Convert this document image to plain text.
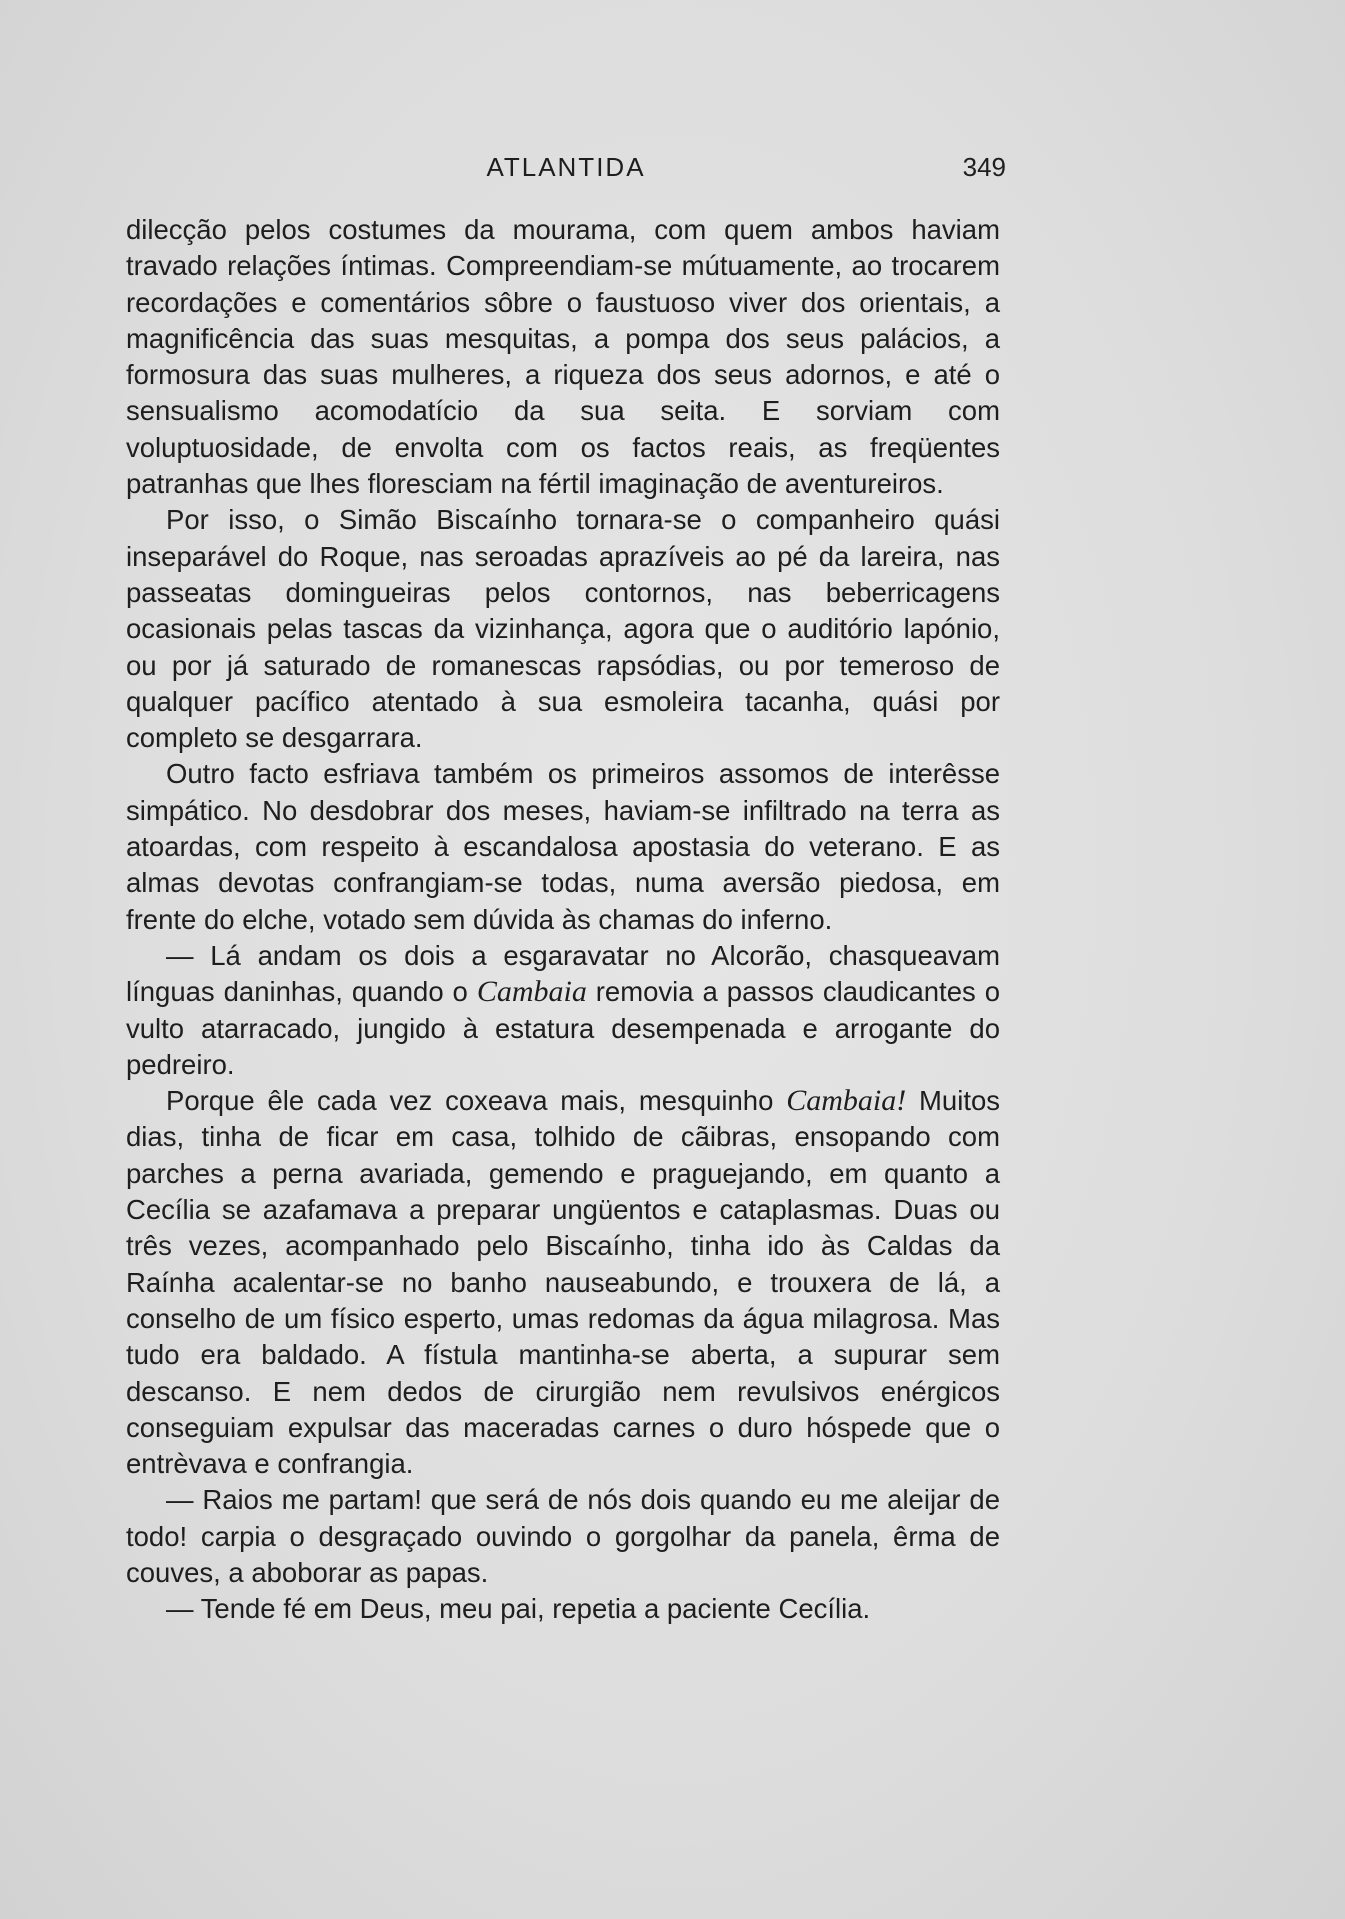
ATLANTIDA	349

dilecção pelos costumes da mourama, com quem ambos haviam travado relações íntimas. Compreendiam-se mútuamente, ao trocarem recordações e comentários sôbre o faustuoso viver dos orientais, a magnificência das suas mesquitas, a pompa dos seus palácios, a formosura das suas mulheres, a riqueza dos seus adornos, e até o sensualismo acomodatício da sua seita. E sorviam com voluptuosidade, de envolta com os factos reais, as freqüentes patranhas que lhes floresciam na fértil imaginação de aventureiros.

Por isso, o Simão Biscaínho tornara-se o companheiro quási inseparável do Roque, nas seroadas aprazíveis ao pé da lareira, nas passeatas domingueiras pelos contornos, nas beberricagens ocasionais pelas tascas da vizinhança, agora que o auditório lapónio, ou por já saturado de romanescas rapsódias, ou por temeroso de qualquer pacífico atentado à sua esmoleira tacanha, quási por completo se desgarrara.

Outro facto esfriava também os primeiros assomos de interêsse simpático. No desdobrar dos meses, haviam-se infiltrado na terra as atoardas, com respeito à escandalosa apostasia do veterano. E as almas devotas confrangiam-se todas, numa aversão piedosa, em frente do elche, votado sem dúvida às chamas do inferno.

— Lá andam os dois a esgaravatar no Alcorão, chasqueavam línguas daninhas, quando o Cambaia removia a passos claudicantes o vulto atarracado, jungido à estatura desempenada e arrogante do pedreiro.

Porque êle cada vez coxeava mais, mesquinho Cambaia! Muitos dias, tinha de ficar em casa, tolhido de cãibras, ensopando com parches a perna avariada, gemendo e praguejando, em quanto a Cecília se azafamava a preparar ungüentos e cataplasmas. Duas ou três vezes, acompanhado pelo Biscaínho, tinha ido às Caldas da Raínha acalentar-se no banho nauseabundo, e trouxera de lá, a conselho de um físico esperto, umas redomas da água milagrosa. Mas tudo era baldado. A fístula mantinha-se aberta, a supurar sem descanso. E nem dedos de cirurgião nem revulsivos enérgicos conseguiam expulsar das maceradas carnes o duro hóspede que o entrèvava e confrangia.

— Raios me partam! que será de nós dois quando eu me aleijar de todo! carpia o desgraçado ouvindo o gorgolhar da panela, êrma de couves, a aboborar as papas.

— Tende fé em Deus, meu pai, repetia a paciente Cecília.
